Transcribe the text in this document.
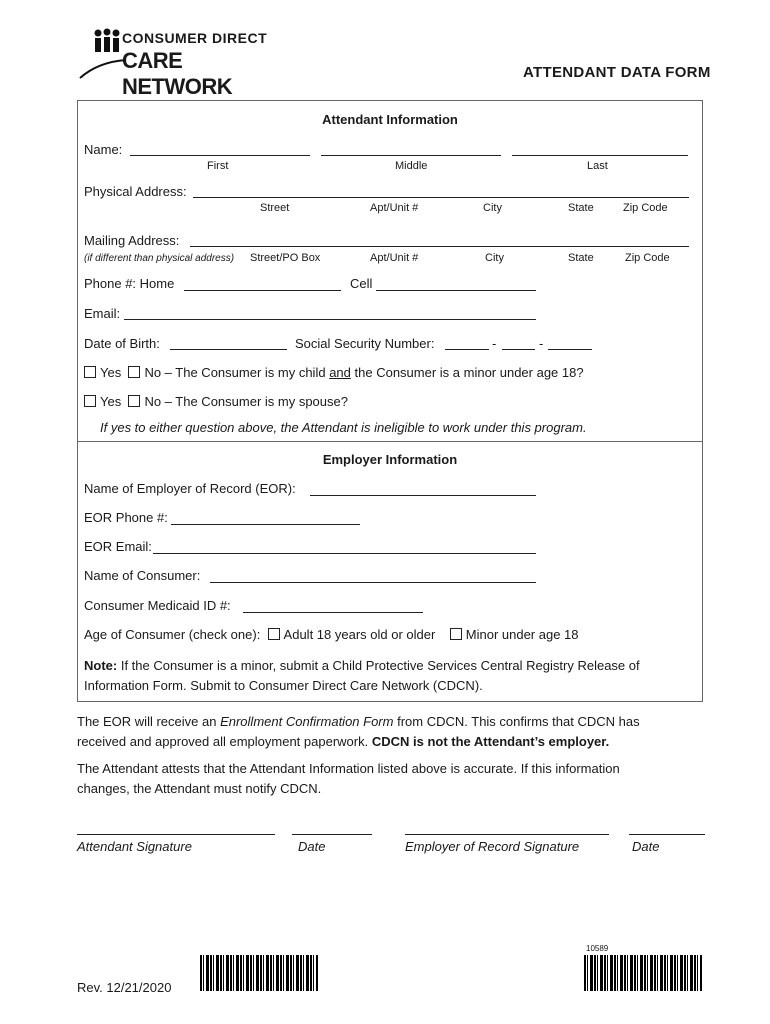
CONSUMER DIRECT
CARE NETWORK
ATTENDANT DATA FORM
Attendant Information
Name:
First	Middle	Last
Physical Address:
Street	Apt/Unit #	City	State	Zip Code
Mailing Address:
(if different than physical address) Street/PO Box	Apt/Unit #	City	State	Zip Code
Phone #: Home	Cell
Email:
Date of Birth:	Social Security Number:	-	-
Yes No – The Consumer is my child and the Consumer is a minor under age 18?
Yes No – The Consumer is my spouse?
If yes to either question above, the Attendant is ineligible to work under this program.
Employer Information
Name of Employer of Record (EOR):
EOR Phone #:
EOR Email:
Name of Consumer:
Consumer Medicaid ID #:
Age of Consumer (check one): Adult 18 years old or older Minor under age 18
Note: If the Consumer is a minor, submit a Child Protective Services Central Registry Release of
Information Form. Submit to Consumer Direct Care Network (CDCN).
The EOR will receive an Enrollment Confirmation Form from CDCN. This confirms that CDCN has
received and approved all employment paperwork. CDCN is not the Attendant’s employer.
The Attendant attests that the Attendant Information listed above is accurate. If this information
changes, the Attendant must notify CDCN.
Attendant Signature	Date	Employer of Record Signature	Date
Rev. 12/21/2020
10589
